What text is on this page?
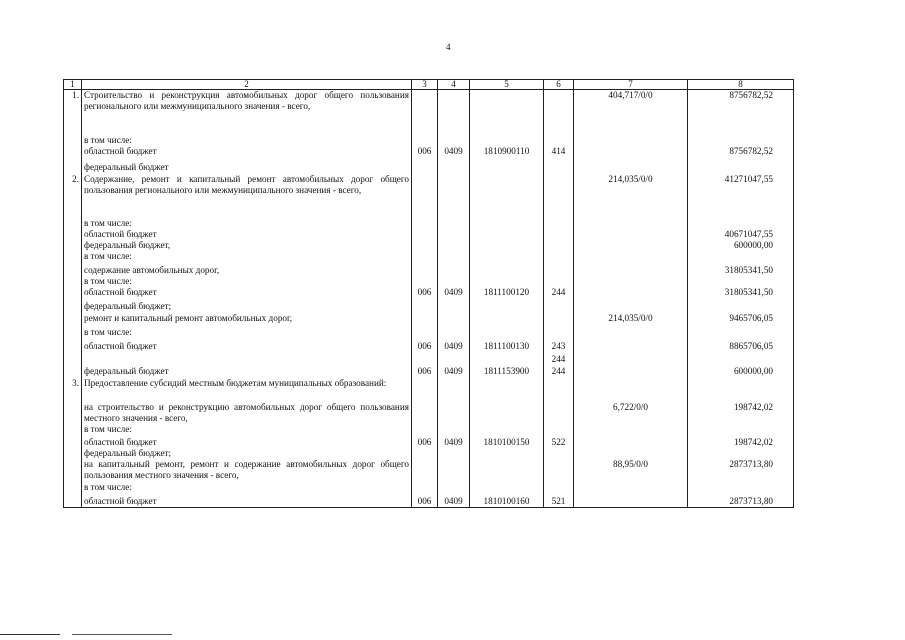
4
1	2	3	4	5	6	7	8
1.	Строительство и реконструкция автомобильных дорог общего пользования регионального или межмуниципального значения - всего,					404,717/0/0	8756782,52
	в том числе:						
	областной бюджет	006	0409	1810900110	414		8756782,52
	федеральный бюджет						
2.	Содержание, ремонт и капитальный ремонт автомобильных дорог общего пользования регионального или межмуниципального значения - всего,					214,035/0/0	41271047,55
	в том числе:						
	областной бюджет						40671047,55
	федеральный бюджет,						600000,00
	в том числе:						
	содержание автомобильных дорог,						31805341,50
	в том числе:						
	областной бюджет	006	0409	1811100120	244		31805341,50
	федеральный бюджет;						
	ремонт и капитальный ремонт автомобильных дорог,					214,035/0/0	9465706,05
	в том числе:						
	областной бюджет	006	0409	1811100130	243		8865706,05
					244		
	федеральный бюджет	006	0409	1811153900	244		600000,00
3.	Предоставление субсидий местным бюджетам муниципальных образований:						
	на строительство и реконструкцию автомобильных дорог общего пользования местного значения - всего,					6,722/0/0	198742,02
	в том числе:						
	областной бюджет	006	0409	1810100150	522		198742,02
	федеральный бюджет;						
	на капитальный ремонт, ремонт и содержание автомобильных дорог общего пользования местного значения - всего,					88,95/0/0	2873713,80
	в том числе:						
	областной бюджет	006	0409	1810100160	521		2873713,80
